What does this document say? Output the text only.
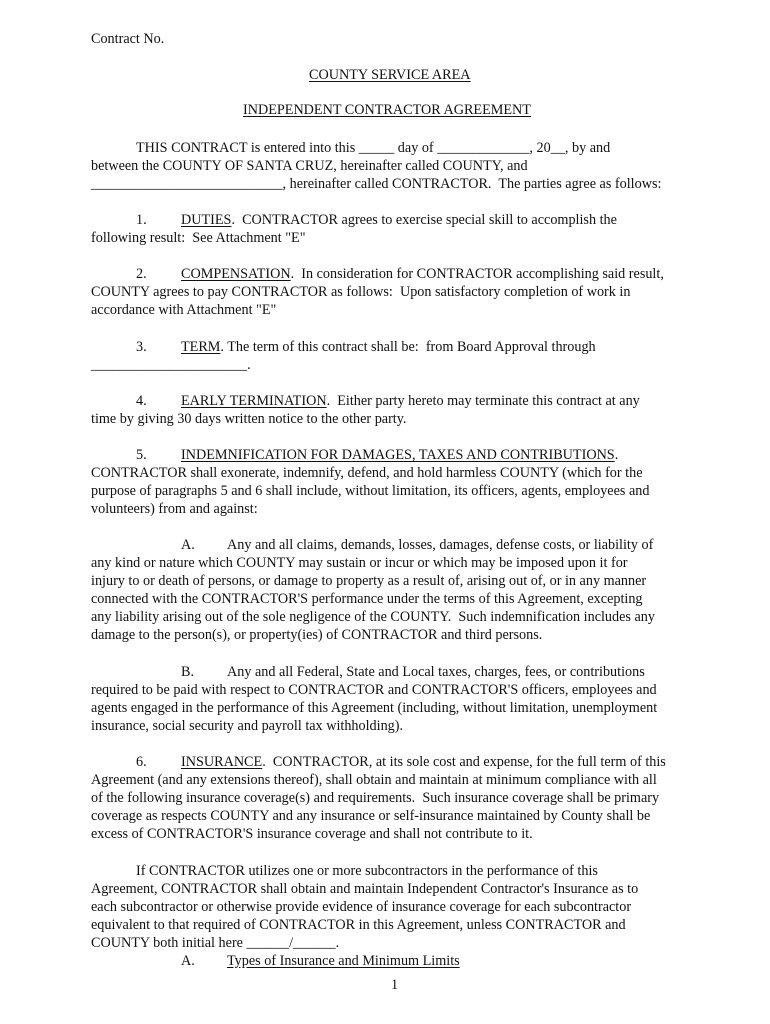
Contract No.
COUNTY SERVICE AREA
INDEPENDENT CONTRACTOR AGREEMENT
THIS CONTRACT is entered into this _____ day of _____________, 20__, by and
between the COUNTY OF SANTA CRUZ, hereinafter called COUNTY, and
___________________________, hereinafter called CONTRACTOR.  The parties agree as follows:
1. DUTIES.  CONTRACTOR agrees to exercise special skill to accomplish the
following result:  See Attachment "E"
2. COMPENSATION.  In consideration for CONTRACTOR accomplishing said result,
COUNTY agrees to pay CONTRACTOR as follows:  Upon satisfactory completion of work in
accordance with Attachment "E"
3. TERM. The term of this contract shall be:  from Board Approval through
______________________.
4. EARLY TERMINATION.  Either party hereto may terminate this contract at any
time by giving 30 days written notice to the other party.
5. INDEMNIFICATION FOR DAMAGES, TAXES AND CONTRIBUTIONS.
CONTRACTOR shall exonerate, indemnify, defend, and hold harmless COUNTY (which for the
purpose of paragraphs 5 and 6 shall include, without limitation, its officers, agents, employees and
volunteers) from and against:
A. Any and all claims, demands, losses, damages, defense costs, or liability of
any kind or nature which COUNTY may sustain or incur or which may be imposed upon it for
injury to or death of persons, or damage to property as a result of, arising out of, or in any manner
connected with the CONTRACTOR'S performance under the terms of this Agreement, excepting
any liability arising out of the sole negligence of the COUNTY.  Such indemnification includes any
damage to the person(s), or property(ies) of CONTRACTOR and third persons.
B. Any and all Federal, State and Local taxes, charges, fees, or contributions
required to be paid with respect to CONTRACTOR and CONTRACTOR'S officers, employees and
agents engaged in the performance of this Agreement (including, without limitation, unemployment
insurance, social security and payroll tax withholding).
6. INSURANCE.  CONTRACTOR, at its sole cost and expense, for the full term of this
Agreement (and any extensions thereof), shall obtain and maintain at minimum compliance with all
of the following insurance coverage(s) and requirements.  Such insurance coverage shall be primary
coverage as respects COUNTY and any insurance or self-insurance maintained by County shall be
excess of CONTRACTOR'S insurance coverage and shall not contribute to it.
If CONTRACTOR utilizes one or more subcontractors in the performance of this
Agreement, CONTRACTOR shall obtain and maintain Independent Contractor's Insurance as to
each subcontractor or otherwise provide evidence of insurance coverage for each subcontractor
equivalent to that required of CONTRACTOR in this Agreement, unless CONTRACTOR and
COUNTY both initial here ______/______.
A. Types of Insurance and Minimum Limits
1
